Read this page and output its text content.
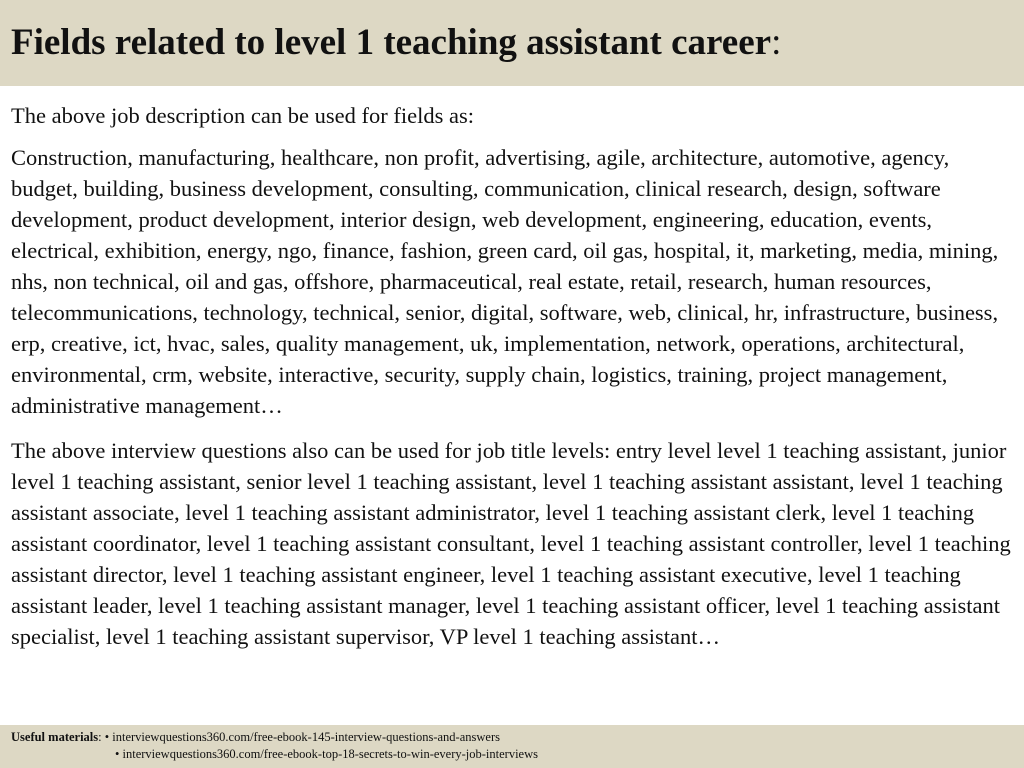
Fields related to level 1 teaching assistant career:

The above job description can be used for fields as:

Construction, manufacturing, healthcare, non profit, advertising, agile, architecture, automotive, agency, budget, building, business development, consulting, communication, clinical research, design, software development, product development, interior design, web development, engineering, education, events, electrical, exhibition, energy, ngo, finance, fashion, green card, oil gas, hospital, it, marketing, media, mining, nhs, non technical, oil and gas, offshore, pharmaceutical, real estate, retail, research, human resources, telecommunications, technology, technical, senior, digital, software, web, clinical, hr, infrastructure, business, erp, creative, ict, hvac, sales, quality management, uk, implementation, network, operations, architectural, environmental, crm, website, interactive, security, supply chain, logistics, training, project management, administrative management…

The above interview questions also can be used for job title levels: entry level level 1 teaching assistant, junior level 1 teaching assistant, senior level 1 teaching assistant, level 1 teaching assistant assistant, level 1 teaching assistant associate, level 1 teaching assistant administrator, level 1 teaching assistant clerk, level 1 teaching assistant coordinator, level 1 teaching assistant consultant, level 1 teaching assistant controller, level 1 teaching assistant director, level 1 teaching assistant engineer, level 1 teaching assistant executive, level 1 teaching assistant leader, level 1 teaching assistant manager, level 1 teaching assistant officer, level 1 teaching assistant specialist, level 1 teaching assistant supervisor, VP level 1 teaching assistant…

Useful materials: • interviewquestions360.com/free-ebook-145-interview-questions-and-answers
• interviewquestions360.com/free-ebook-top-18-secrets-to-win-every-job-interviews
